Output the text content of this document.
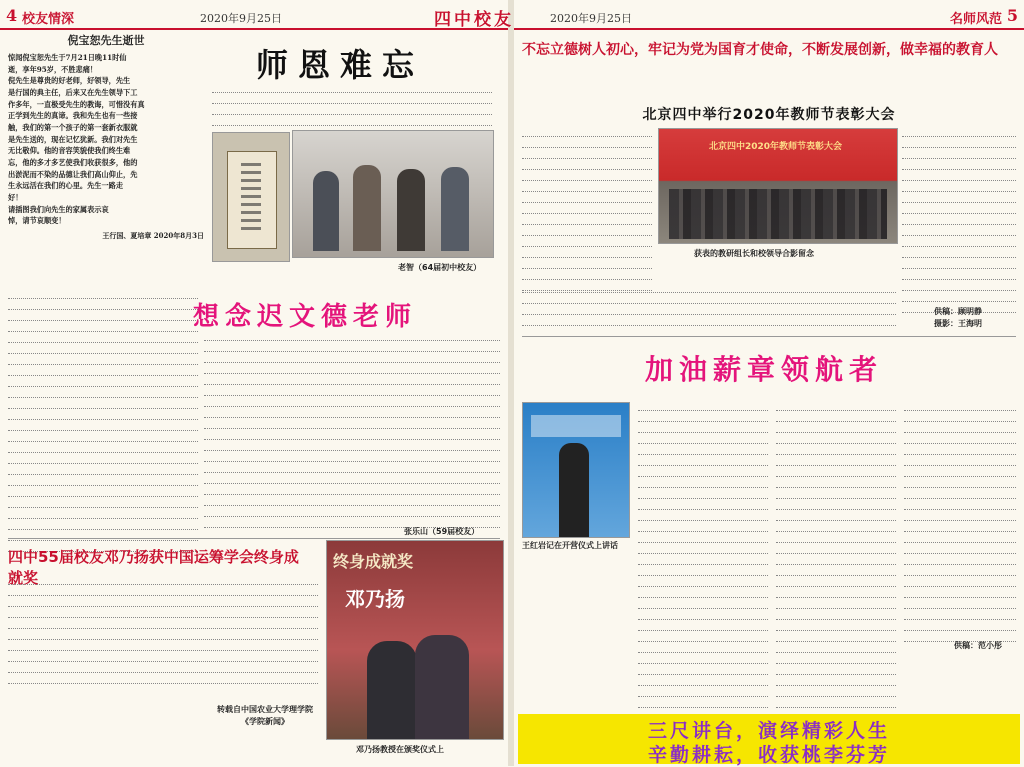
4 校友情深	2020年9月25日
倪宝恕先生逝世
惊闻倪宝恕先生于7月21日晚11时仙
逝，享年95岁，不胜悲痛！
倪先生是尊贵的好老师，好领导，先生
是行国的典主任，后来又在先生领导下工
作多年，一直极受先生的教诲，可惜没有真
正学到先生的真谛。我和先生也有一些接
触，我们的第一个孩子的第一套新衣服就
是先生送的，现在记忆犹新。我们对先生
无比敬仰。他的音容笑貌使我们终生难
忘，他的多才多艺使我们收获很多，他的
出淤泥而不染的品德让我们高山仰止，先
生永远活在我们的心里。先生一路走
好！
请插图我们向先生的家属表示哀
悼，请节哀顺变！
王行国、夏培章 2020年8月3日
师恩难忘
老智（64届初中校友）
想念迟文德老师
张乐山（59届校友）
四中55届校友邓乃扬获中国运筹学会终身成就奖
转载自中国农业大学理学院《学院新闻》
终身成就奖
邓乃扬
邓乃扬教授在颁奖仪式上
2020年9月25日
四中校友	名师风范 5
不忘立德树人初心，牢记为党为国育才使命，不断发展创新，做幸福的教育人
北京四中举行2020年教师节表彰大会
北京四中2020年教师节表彰大会
获表的教研组长和校领导合影留念
供稿：顾明静
摄影：王海明
加油薪章领航者
王红岩记在开营仪式上讲话
供稿：范小彤
三尺讲台，演绎精彩人生
辛勤耕耘，收获桃李芬芳
